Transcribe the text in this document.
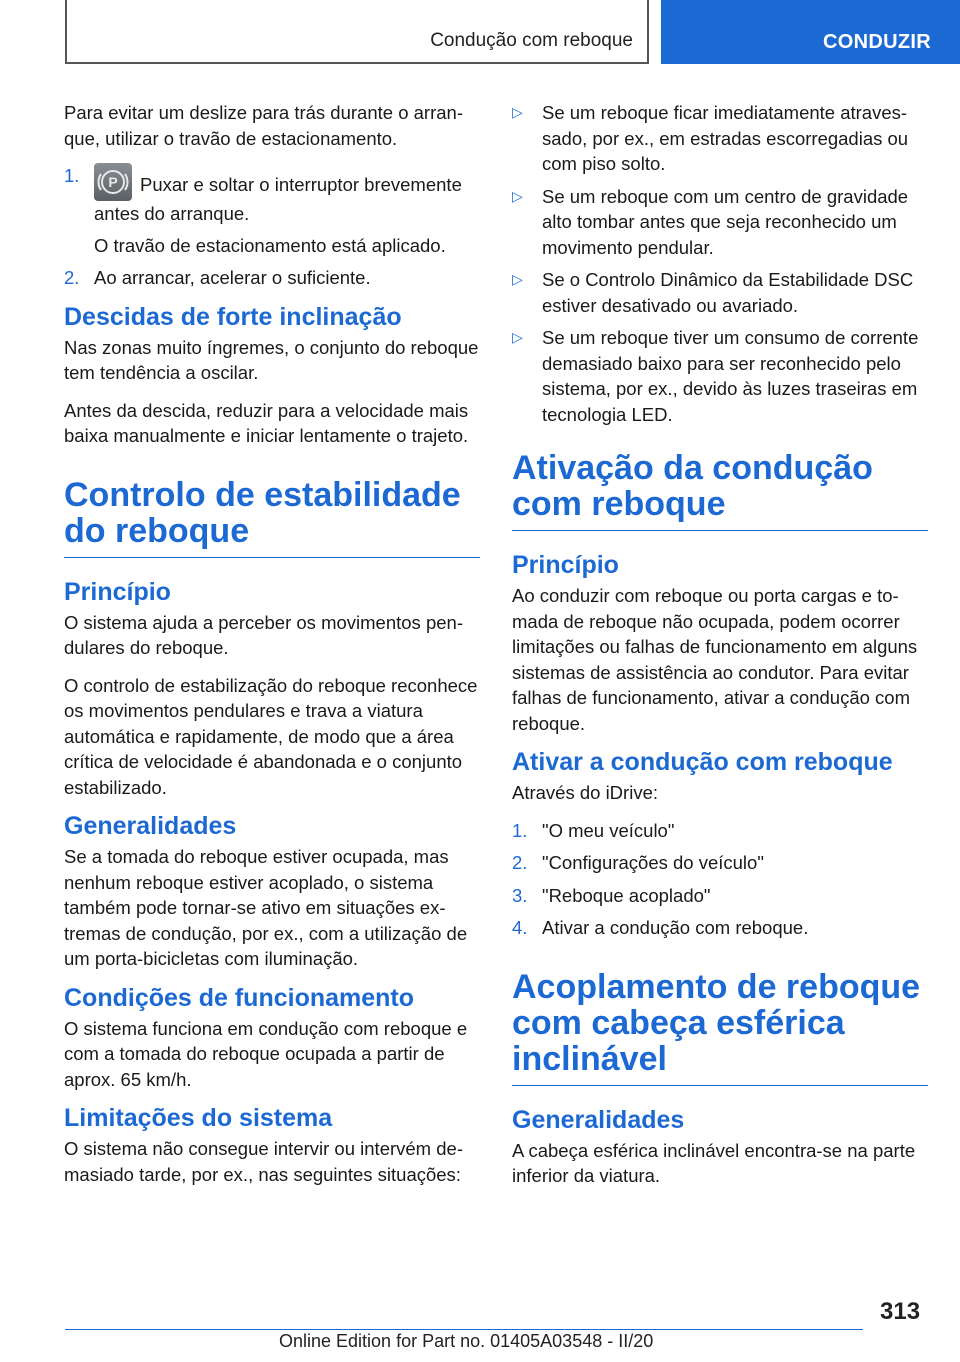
Condução com reboque	CONDUZIR

Para evitar um deslize para trás durante o arranque, utilizar o travão de estacionamento.

1. P Puxar e soltar o interruptor brevemente antes do arranque.
O travão de estacionamento está aplicado.
2. Ao arrancar, acelerar o suficiente.
Descidas de forte inclinação

Nas zonas muito íngremes, o conjunto do reboque tem tendência a oscilar.

Antes da descida, reduzir para a velocidade mais baixa manualmente e iniciar lentamente o trajeto.

Controlo de estabilidade do reboque
Princípio

O sistema ajuda a perceber os movimentos pendulares do reboque.

O controlo de estabilização do reboque reconhece os movimentos pendulares e trava a viatura automática e rapidamente, de modo que a área crítica de velocidade é abandonada e o conjunto estabilizado.

Generalidades

Se a tomada do reboque estiver ocupada, mas nenhum reboque estiver acoplado, o sistema também pode tornar-se ativo em situações extremas de condução, por ex., com a utilização de um porta-bicicletas com iluminação.

Condições de funcionamento

O sistema funciona em condução com reboque e com a tomada do reboque ocupada a partir de aprox. 65 km/h.

Limitações do sistema

O sistema não consegue intervir ou intervém demasiado tarde, por ex., nas seguintes situações:

▷ Se um reboque ficar imediatamente atravessado, por ex., em estradas escorregadias ou com piso solto.
▷ Se um reboque com um centro de gravidade alto tombar antes que seja reconhecido um movimento pendular.
▷ Se o Controlo Dinâmico da Estabilidade DSC estiver desativado ou avariado.
▷ Se um reboque tiver um consumo de corrente demasiado baixo para ser reconhecido pelo sistema, por ex., devido às luzes traseiras em tecnologia LED.
Ativação da condução com reboque
Princípio

Ao conduzir com reboque ou porta cargas e tomada de reboque não ocupada, podem ocorrer limitações ou falhas de funcionamento em alguns sistemas de assistência ao condutor. Para evitar falhas de funcionamento, ativar a condução com reboque.

Ativar a condução com reboque

Através do iDrive:

1. "O meu veículo"
2. "Configurações do veículo"
3. "Reboque acoplado"
4. Ativar a condução com reboque.
Acoplamento de reboque com cabeça esférica inclinável
Generalidades

A cabeça esférica inclinável encontra-se na parte inferior da viatura.

313
Online Edition for Part no. 01405A03548 - II/20
